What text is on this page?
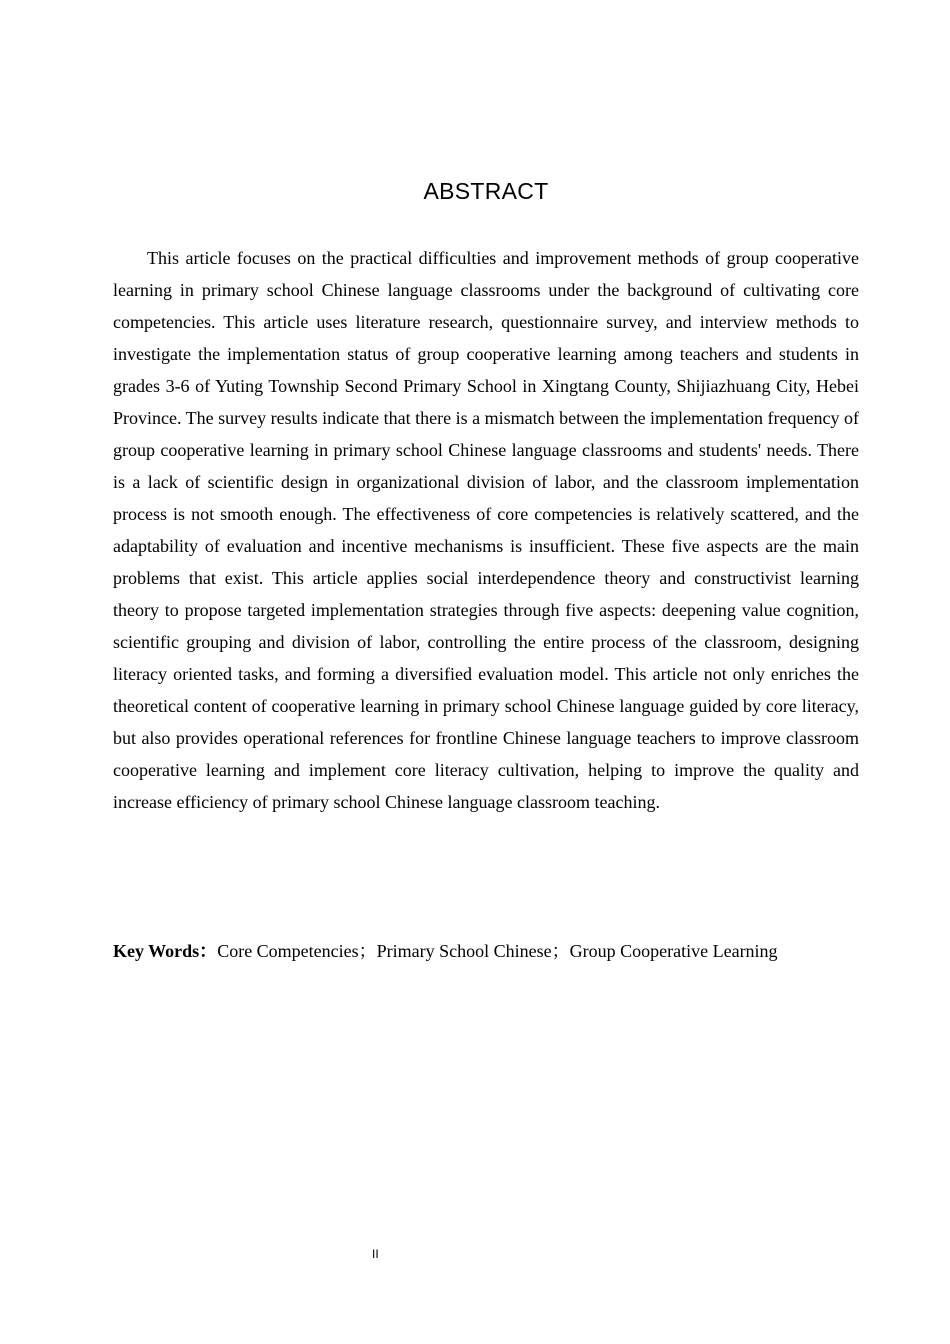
ABSTRACT

This article focuses on the practical difficulties and improvement methods of group cooperative learning in primary school Chinese language classrooms under the background of cultivating core competencies. This article uses literature research, questionnaire survey, and interview methods to investigate the implementation status of group cooperative learning among teachers and students in grades 3-6 of Yuting Township Second Primary School in Xingtang County, Shijiazhuang City, Hebei Province. The survey results indicate that there is a mismatch between the implementation frequency of group cooperative learning in primary school Chinese language classrooms and students' needs. There is a lack of scientific design in organizational division of labor, and the classroom implementation process is not smooth enough. The effectiveness of core competencies is relatively scattered, and the adaptability of evaluation and incentive mechanisms is insufficient. These five aspects are the main problems that exist. This article applies social interdependence theory and constructivist learning theory to propose targeted implementation strategies through five aspects: deepening value cognition, scientific grouping and division of labor, controlling the entire process of the classroom, designing literacy oriented tasks, and forming a diversified evaluation model. This article not only enriches the theoretical content of cooperative learning in primary school Chinese language guided by core literacy, but also provides operational references for frontline Chinese language teachers to improve classroom cooperative learning and implement core literacy cultivation, helping to improve the quality and increase efficiency of primary school Chinese language classroom teaching.

Key Words：Core Competencies；Primary School Chinese；Group Cooperative Learning
II
